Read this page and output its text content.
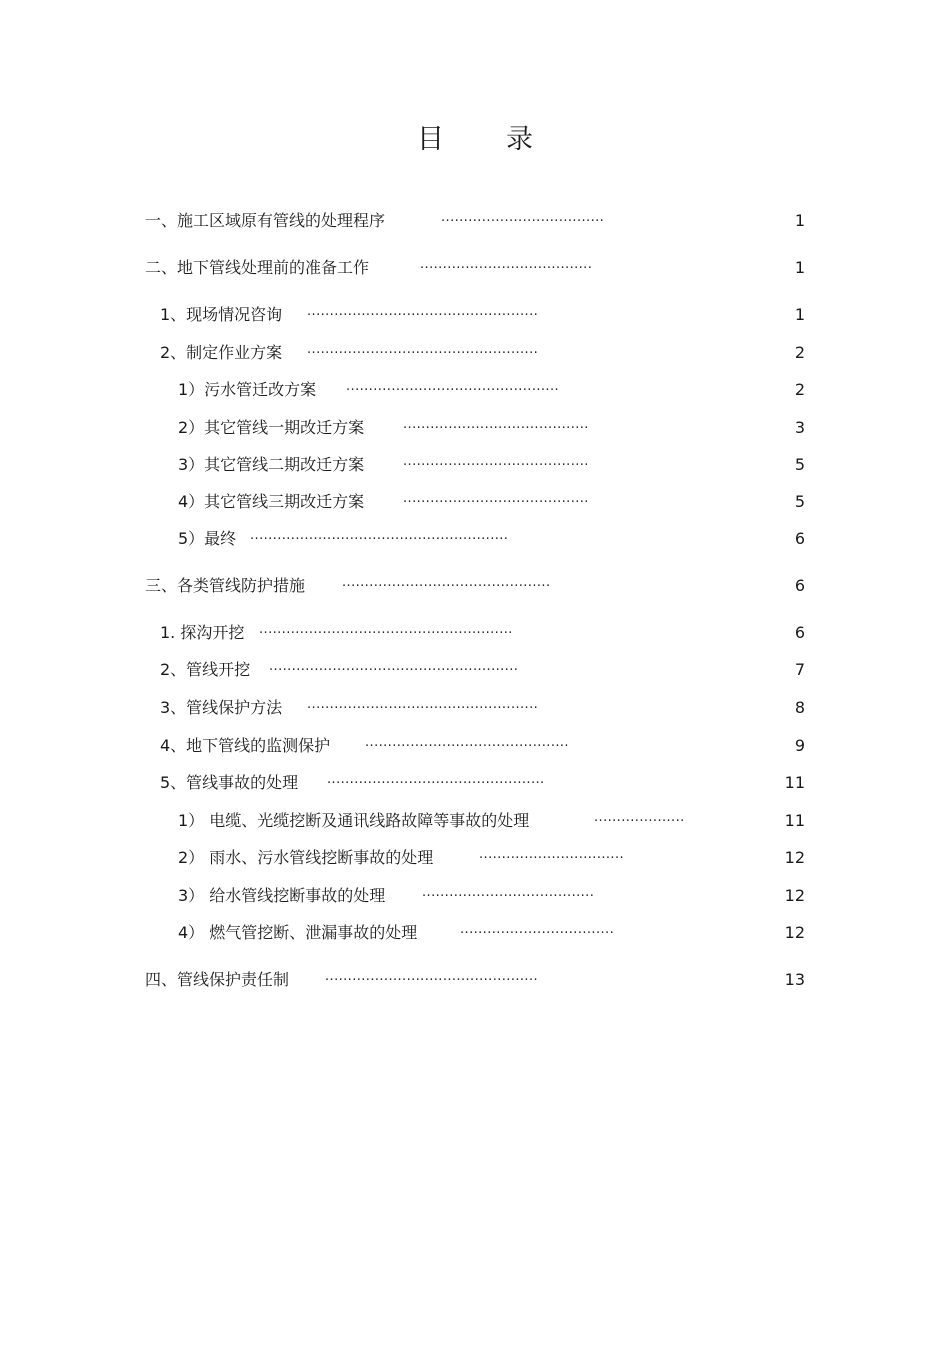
目 录
一、施工区域原有管线的处理程序	....................................	1
二、地下管线处理前的准备工作	......................................	1
1、现场情况咨询 ...................................................	1
2、制定作业方案 ...................................................	2
1）污水管迁改方案 ...............................................	2
2）其它管线一期改迁方案	.........................................	3
3）其它管线二期改迁方案	.........................................	5
4）其它管线三期改迁方案	.........................................	5
5）最终 .........................................................	6
三、各类管线防护措施	..............................................	6
1. 探沟开挖 ........................................................	6
2、管线开挖 .......................................................	7
3、管线保护方法 ...................................................	8
4、地下管线的监测保护	.............................................	9
5、管线事故的处理 ................................................	11
1） 电缆、光缆挖断及通讯线路故障等事故的处理	....................	11
2） 雨水、污水管线挖断事故的处理	................................	12
3） 给水管线挖断事故的处理	......................................	12
4） 燃气管挖断、泄漏事故的处理	..................................	12
四、管线保护责任制	...............................................	13
